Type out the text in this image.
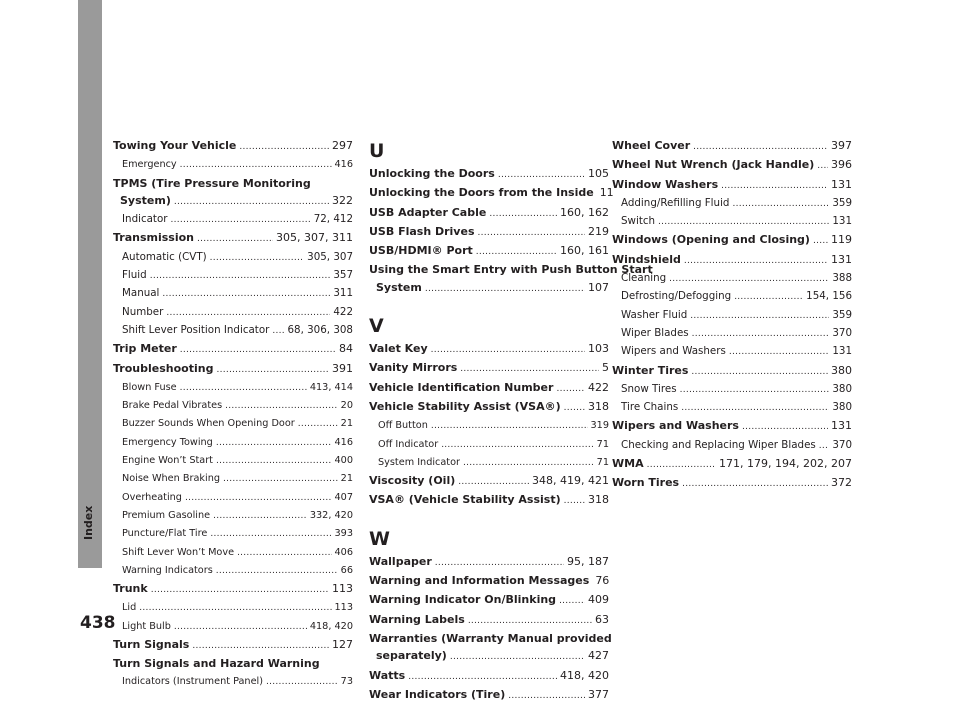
Index
438
Towing Your Vehicle . . .	297
Emergency . . .	416
TPMS (Tire Pressure Monitoring
System) . . .	322
Indicator . . .	72, 412
Transmission . . .	305, 307, 311
Automatic (CVT) . . .	305, 307
Fluid . . .	357
Manual . . .	311
Number . . .	422
Shift Lever Position Indicator . . . 68, 306, 308
Trip Meter . . .	84
Troubleshooting . . .	391
Blown Fuse . . .	413, 414
Brake Pedal Vibrates . . .	20
Buzzer Sounds When Opening Door . . .	21
Emergency Towing . . .	416
Engine Won’t Start . . .	400
Noise When Braking . . .	21
Overheating . . .	407
Premium Gasoline . . .	332, 420
Puncture/Flat Tire . . .	393
Shift Lever Won’t Move . . .	406
Warning Indicators . . .	66
Trunk . . .	113
Lid . . .	113
Light Bulb . . .	418, 420
Turn Signals . . .	127
Turn Signals and Hazard Warning
Indicators (Instrument Panel) . . .	73
U
Unlocking the Doors . . .	105
Unlocking the Doors from the Inside 11
USB Adapter Cable . . .	160, 162
USB Flash Drives . . .	219
USB/HDMI® Port . . .	160, 161
Using the Smart Entry with Push Button Start
System . . .	107
V
Valet Key . . .	103
Vanity Mirrors . . .	5
Vehicle Identification Number . . .	422
Vehicle Stability Assist (VSA®) . . . 318
Off Button . . .	319
Off Indicator . . .	71
System Indicator . . .	71
Viscosity (Oil) . . .	348, 419, 421
VSA® (Vehicle Stability Assist) . . . 318
W
Wallpaper . . .	95, 187
Warning and Information Messages 76
Warning Indicator On/Blinking . . .	409
Warning Labels . . .	63
Warranties (Warranty Manual provided
separately) . . .	427
Watts . . .	418, 420
Wear Indicators (Tire) . . .	377
Wheel Cover . . .	397
Wheel Nut Wrench (Jack Handle) . . . 396
Window Washers . . .	131
Adding/Refilling Fluid . . .	359
Switch . . .	131
Windows (Opening and Closing) . . . 119
Windshield . . .	131
Cleaning . . .	388
Defrosting/Defogging . . .	154, 156
Washer Fluid . . .	359
Wiper Blades . . .	370
Wipers and Washers . . .	131
Winter Tires . . .	380
Snow Tires . . .	380
Tire Chains . . .	380
Wipers and Washers . . .	131
Checking and Replacing Wiper Blades . . . 370
WMA . . .	171, 179, 194, 202, 207
Worn Tires . . .	372
